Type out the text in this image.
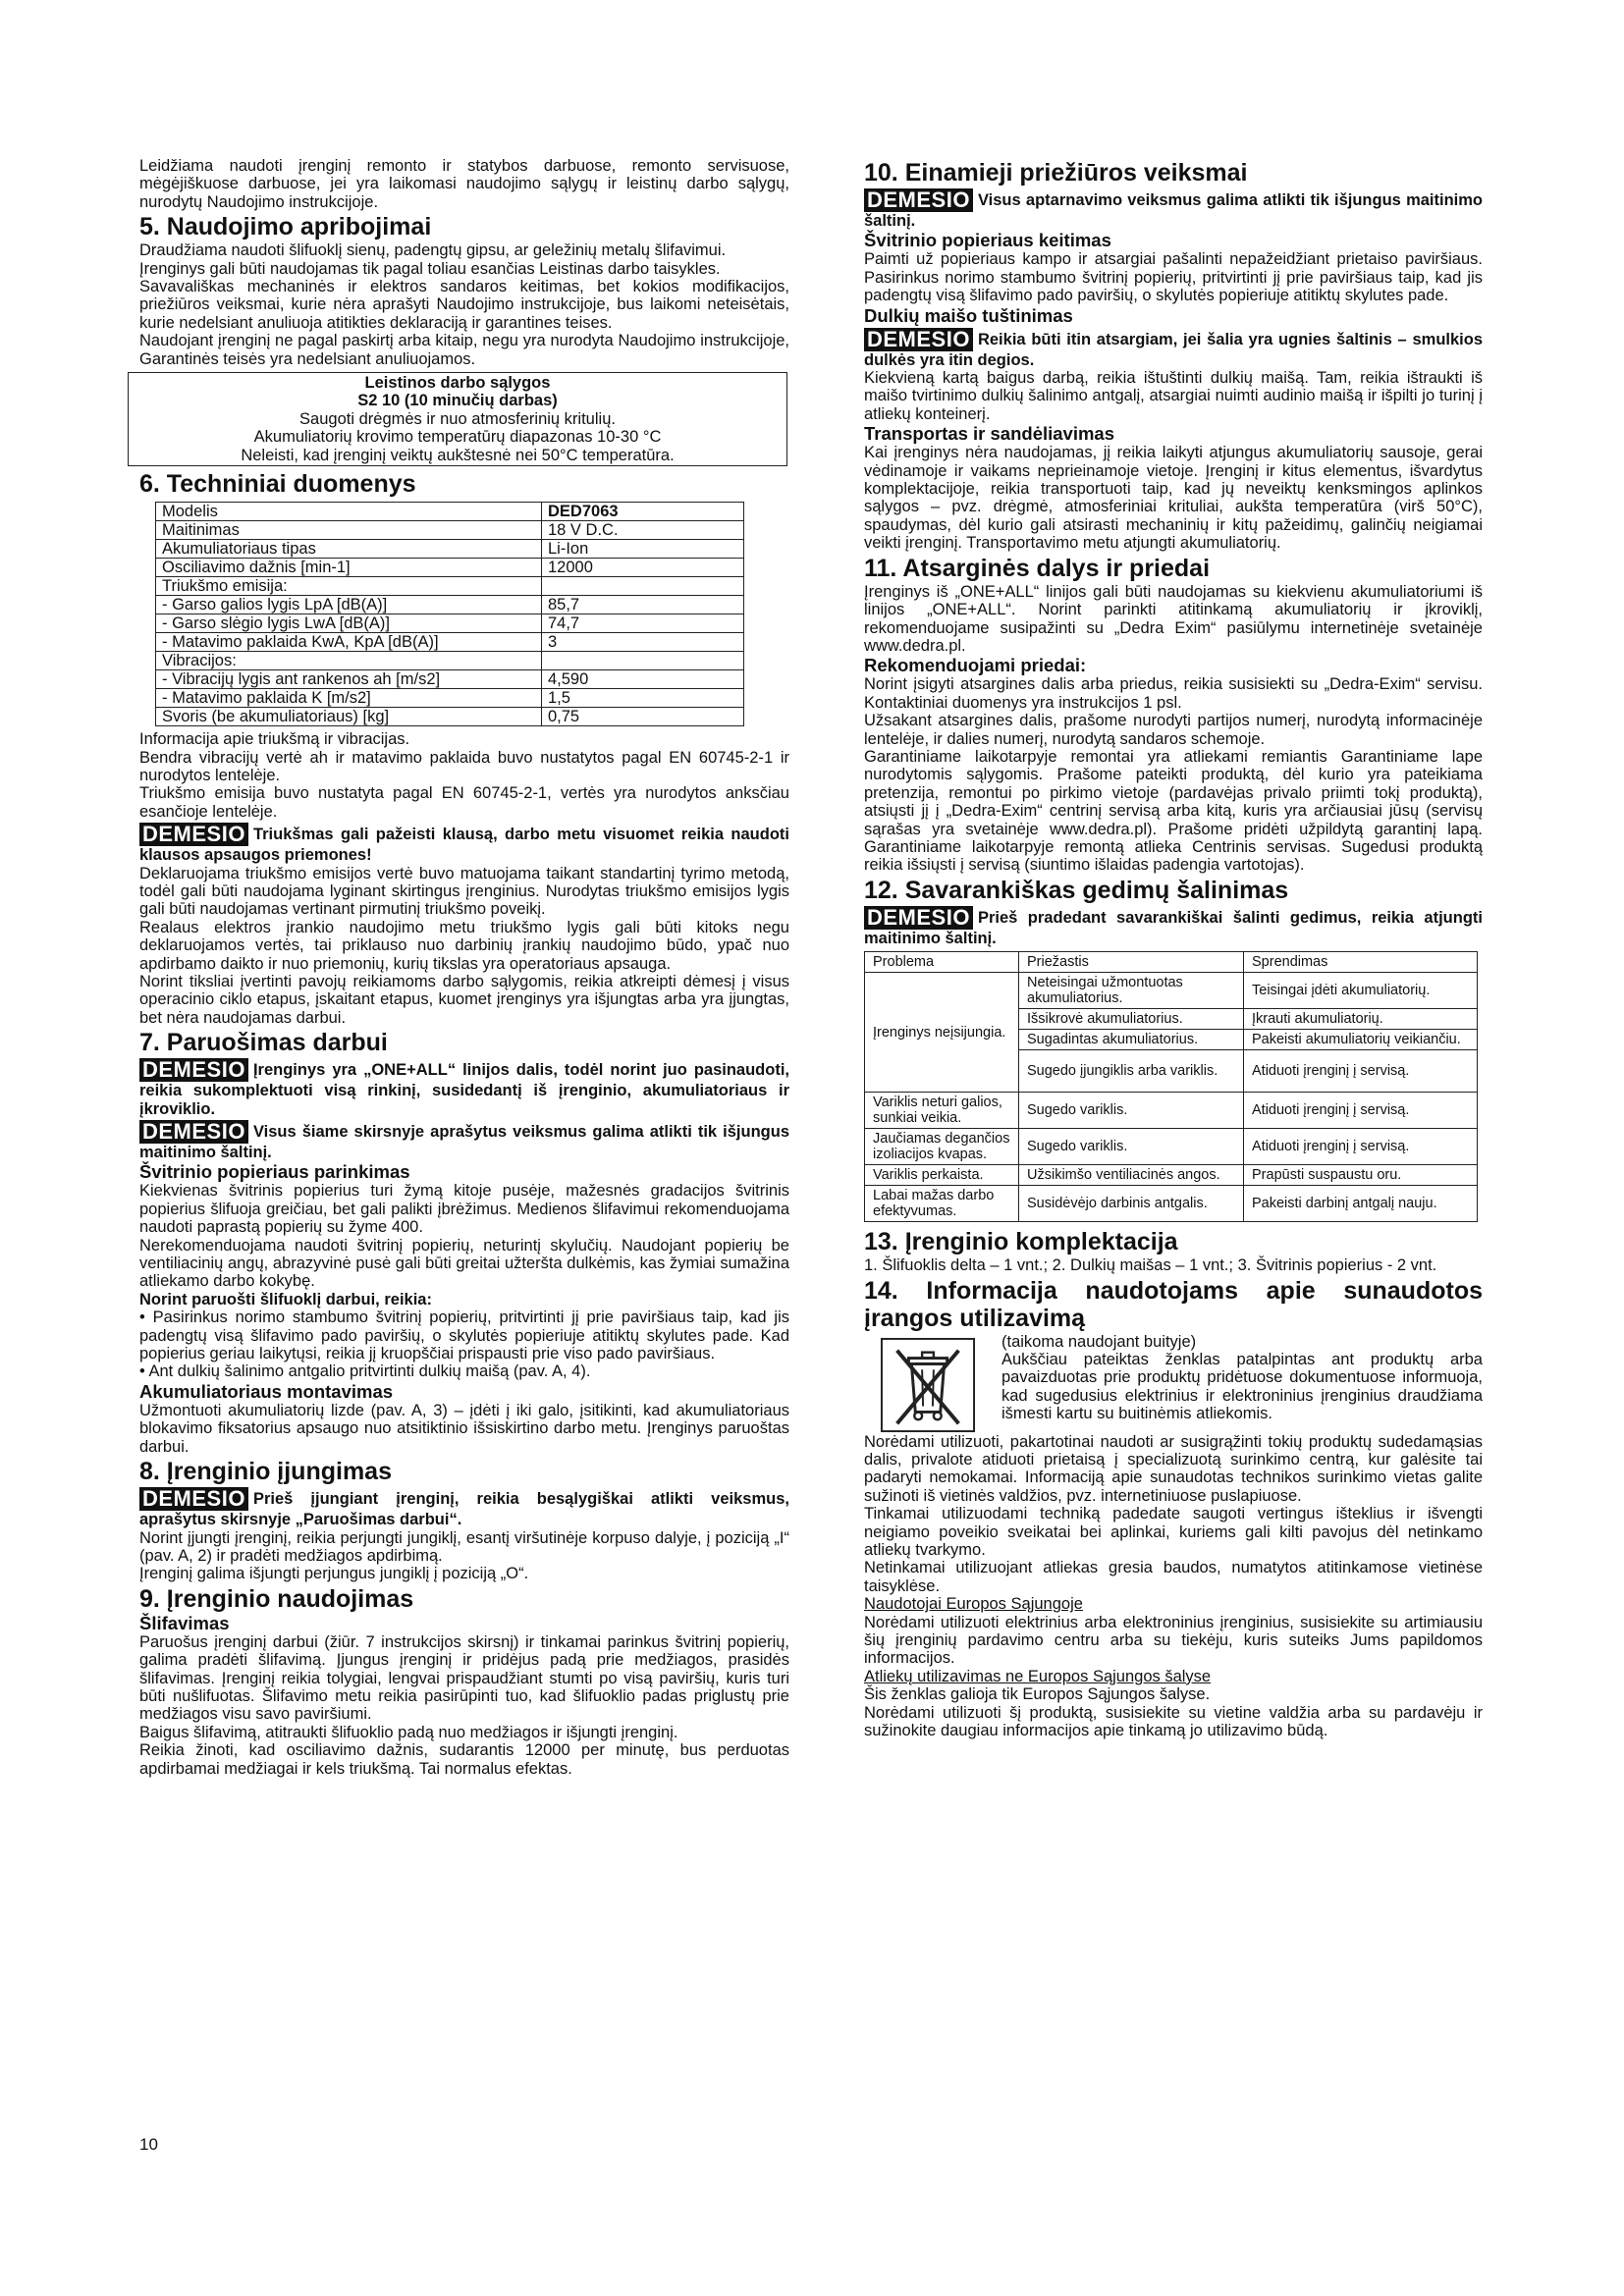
Leidžiama naudoti įrenginį remonto ir statybos darbuose, remonto servisuose, mėgėjiškuose darbuose, jei yra laikomasi naudojimo sąlygų ir leistinų darbo sąlygų, nurodytų Naudojimo instrukcijoje.

5. Naudojimo apribojimai

Draudžiama naudoti šlifuoklį sienų, padengtų gipsu, ar geležinių metalų šlifavimui.

Įrenginys gali būti naudojamas tik pagal toliau esančias Leistinas darbo taisykles.

Savavališkas mechaninės ir elektros sandaros keitimas, bet kokios modifikacijos, priežiūros veiksmai, kurie nėra aprašyti Naudojimo instrukcijoje, bus laikomi neteisėtais, kurie nedelsiant anuliuoja atitikties deklaraciją ir garantines teises.

Naudojant įrenginį ne pagal paskirtį arba kitaip, negu yra nurodyta Naudojimo instrukcijoje, Garantinės teisės yra nedelsiant anuliuojamos.

Leistinos darbo sąlygos

S2 10 (10 minučių darbas)

Saugoti drėgmės ir nuo atmosferinių kritulių.

Akumuliatorių krovimo temperatūrų diapazonas 10-30 °C

Neleisti, kad įrenginį veiktų aukštesnė nei 50°C temperatūra.

6. Techniniai duomenys
Modelis	DED7063
Maitinimas	18 V D.C.
Akumuliatoriaus tipas	Li-Ion
Osciliavimo dažnis [min-1]	12000
Triukšmo emisija:	
- Garso galios lygis LpA [dB(A)]	85,7
- Garso slėgio lygis LwA [dB(A)]	74,7
- Matavimo paklaida KwA, KpA [dB(A)]	3
Vibracijos:	
- Vibracijų lygis ant rankenos ah [m/s2]	4,590
- Matavimo paklaida K [m/s2]	1,5
Svoris (be akumuliatoriaus) [kg]	0,75

Informacija apie triukšmą ir vibracijas.

Bendra vibracijų vertė ah ir matavimo paklaida buvo nustatytos pagal EN 60745-2-1 ir nurodytos lentelėje.

Triukšmo emisija buvo nustatyta pagal EN 60745-2-1, vertės yra nurodytos anksčiau esančioje lentelėje.

DEMESIO Triukšmas gali pažeisti klausą, darbo metu visuomet reikia naudoti klausos apsaugos priemones!

Deklaruojama triukšmo emisijos vertė buvo matuojama taikant standartinį tyrimo metodą, todėl gali būti naudojama lyginant skirtingus įrenginius. Nurodytas triukšmo emisijos lygis gali būti naudojamas vertinant pirmutinį triukšmo poveikį.

Realaus elektros įrankio naudojimo metu triukšmo lygis gali būti kitoks negu deklaruojamos vertės, tai priklauso nuo darbinių įrankių naudojimo būdo, ypač nuo apdirbamo daikto ir nuo priemonių, kurių tikslas yra operatoriaus apsauga.

Norint tiksliai įvertinti pavojų reikiamoms darbo sąlygomis, reikia atkreipti dėmesį į visus operacinio ciklo etapus, įskaitant etapus, kuomet įrenginys yra išjungtas arba yra įjungtas, bet nėra naudojamas darbui.

7. Paruošimas darbui

DEMESIO Įrenginys yra „ONE+ALL“ linijos dalis, todėl norint juo pasinaudoti, reikia sukomplektuoti visą rinkinį, susidedantį iš įrenginio, akumuliatoriaus ir įkroviklio.

DEMESIO Visus šiame skirsnyje aprašytus veiksmus galima atlikti tik išjungus maitinimo šaltinį.

Švitrinio popieriaus parinkimas

Kiekvienas švitrinis popierius turi žymą kitoje pusėje, mažesnės gradacijos švitrinis popierius šlifuoja greičiau, bet gali palikti įbrėžimus. Medienos šlifavimui rekomenduojama naudoti paprastą popierių su žyme 400.

Nerekomenduojama naudoti švitrinį popierių, neturintį skylučių. Naudojant popierių be ventiliacinių angų, abrazyvinė pusė gali būti greitai užteršta dulkėmis, kas žymiai sumažina atliekamo darbo kokybę.

Norint paruošti šlifuoklį darbui, reikia:

• Pasirinkus norimo stambumo švitrinį popierių, pritvirtinti jį prie paviršiaus taip, kad jis padengtų visą šlifavimo pado paviršių, o skylutės popieriuje atitiktų skylutes pade. Kad popierius geriau laikytųsi, reikia jį kruopščiai prispausti prie viso pado paviršiaus.

• Ant dulkių šalinimo antgalio pritvirtinti dulkių maišą (pav. A, 4).

Akumuliatoriaus montavimas

Užmontuoti akumuliatorių lizde (pav. A, 3) – įdėti į iki galo, įsitikinti, kad akumuliatoriaus blokavimo fiksatorius apsaugo nuo atsitiktinio išsiskirtino darbo metu. Įrenginys paruoštas darbui.

8. Įrenginio įjungimas

DEMESIO Prieš įjungiant įrenginį, reikia besąlygiškai atlikti veiksmus, aprašytus skirsnyje „Paruošimas darbui“.

Norint įjungti įrenginį, reikia perjungti jungiklį, esantį viršutinėje korpuso dalyje, į poziciją „I“ (pav. A, 2) ir pradėti medžiagos apdirbimą.

Įrenginį galima išjungti perjungus jungiklį į poziciją „O“.

9. Įrenginio naudojimas
Šlifavimas

Paruošus įrenginį darbui (žiūr. 7 instrukcijos skirsnį) ir tinkamai parinkus švitrinį popierių, galima pradėti šlifavimą. Įjungus įrenginį ir pridėjus padą prie medžiagos, prasidės šlifavimas. Įrenginį reikia tolygiai, lengvai prispaudžiant stumti po visą paviršių, kuris turi būti nušlifuotas. Šlifavimo metu reikia pasirūpinti tuo, kad šlifuoklio padas priglustų prie medžiagos visu savo paviršiumi.

Baigus šlifavimą, atitraukti šlifuoklio padą nuo medžiagos ir išjungti įrenginį.

Reikia žinoti, kad osciliavimo dažnis, sudarantis 12000 per minutę, bus perduotas apdirbamai medžiagai ir kels triukšmą. Tai normalus efektas.

10. Einamieji priežiūros veiksmai

DEMESIO Visus aptarnavimo veiksmus galima atlikti tik išjungus maitinimo šaltinį.

Švitrinio popieriaus keitimas

Paimti už popieriaus kampo ir atsargiai pašalinti nepažeidžiant prietaiso paviršiaus. Pasirinkus norimo stambumo švitrinį popierių, pritvirtinti jį prie paviršiaus taip, kad jis padengtų visą šlifavimo pado paviršių, o skylutės popieriuje atitiktų skylutes pade.

Dulkių maišo tuštinimas

DEMESIO Reikia būti itin atsargiam, jei šalia yra ugnies šaltinis – smulkios dulkės yra itin degios.

Kiekvieną kartą baigus darbą, reikia ištuštinti dulkių maišą. Tam, reikia ištraukti iš maišo tvirtinimo dulkių šalinimo antgalį, atsargiai nuimti audinio maišą ir išpilti jo turinį į atliekų konteinerį.

Transportas ir sandėliavimas

Kai įrenginys nėra naudojamas, jį reikia laikyti atjungus akumuliatorių sausoje, gerai vėdinamoje ir vaikams neprieinamoje vietoje. Įrenginį ir kitus elementus, išvardytus komplektacijoje, reikia transportuoti taip, kad jų neveiktų kenksmingos aplinkos sąlygos – pvz. drėgmė, atmosferiniai krituliai, aukšta temperatūra (virš 50°C), spaudymas, dėl kurio gali atsirasti mechaninių ir kitų pažeidimų, galinčių neigiamai veikti įrenginį. Transportavimo metu atjungti akumuliatorių.

11. Atsarginės dalys ir priedai

Įrenginys iš „ONE+ALL“ linijos gali būti naudojamas su kiekvienu akumuliatoriumi iš linijos „ONE+ALL“. Norint parinkti atitinkamą akumuliatorių ir įkroviklį, rekomenduojame susipažinti su „Dedra Exim“ pasiūlymu internetinėje svetainėje www.dedra.pl.

Rekomenduojami priedai:

Norint įsigyti atsargines dalis arba priedus, reikia susisiekti su „Dedra-Exim“ servisu. Kontaktiniai duomenys yra instrukcijos 1 psl.

Užsakant atsargines dalis, prašome nurodyti partijos numerį, nurodytą informacinėje lentelėje, ir dalies numerį, nurodytą sandaros schemoje.

Garantiniame laikotarpyje remontai yra atliekami remiantis Garantiniame lape nurodytomis sąlygomis. Prašome pateikti produktą, dėl kurio yra pateikiama pretenzija, remontui po pirkimo vietoje (pardavėjas privalo priimti tokį produktą), atsiųsti jį į „Dedra-Exim“ centrinį servisą arba kitą, kuris yra arčiausiai jūsų (servisų sąrašas yra svetainėje www.dedra.pl). Prašome pridėti užpildytą garantinį lapą. Garantiniame laikotarpyje remontą atlieka Centrinis servisas. Sugedusi produktą reikia išsiųsti į servisą (siuntimo išlaidas padengia vartotojas).

12. Savarankiškas gedimų šalinimas

DEMESIO Prieš pradedant savarankiškai šalinti gedimus, reikia atjungti maitinimo šaltinį.

Problema	Priežastis	Sprendimas
Įrenginys neįsijungia.	Neteisingai užmontuotas akumuliatorius.	Teisingai įdėti akumuliatorių.
	Išsikrovė akumuliatorius.	Įkrauti akumuliatorių.
	Sugadintas akumuliatorius.	Pakeisti akumuliatorių veikiančiu.
	Sugedo įjungiklis arba variklis.	Atiduoti įrenginį į servisą.
Variklis neturi galios, sunkiai veikia.	Sugedo variklis.	Atiduoti įrenginį į servisą.
Jaučiamas degančios izoliacijos kvapas.	Sugedo variklis.	Atiduoti įrenginį į servisą.
Variklis perkaista.	Užsikimšo ventiliacinės angos.	Prapūsti suspaustu oru.
Labai mažas darbo efektyvumas.	Susidėvėjo darbinis antgalis.	Pakeisti darbinį antgalį nauju.
13. Įrenginio komplektacija

1. Šlifuoklis delta – 1 vnt.; 2. Dulkių maišas – 1 vnt.; 3. Švitrinis popierius - 2 vnt.

14. Informacija naudotojams apie sunaudotos įrangos utilizavimą

(taikoma naudojant buityje)

Aukščiau pateiktas ženklas patalpintas ant produktų arba pavaizduotas prie produktų pridėtuose dokumentuose informuoja, kad sugedusius elektrinius ir elektroninius įrenginius draudžiama išmesti kartu su buitinėmis atliekomis.

Norėdami utilizuoti, pakartotinai naudoti ar susigrąžinti tokių produktų sudedamąsias dalis, privalote atiduoti prietaisą į specializuotą surinkimo centrą, kur galėsite tai padaryti nemokamai. Informaciją apie sunaudotas technikos surinkimo vietas galite sužinoti iš vietinės valdžios, pvz. internetiniuose puslapiuose.

Tinkamai utilizuodami techniką padedate saugoti vertingus išteklius ir išvengti neigiamo poveikio sveikatai bei aplinkai, kuriems gali kilti pavojus dėl netinkamo atliekų tvarkymo.

Netinkamai utilizuojant atliekas gresia baudos, numatytos atitinkamose vietinėse taisyklėse.

Naudotojai Europos Sąjungoje

Norėdami utilizuoti elektrinius arba elektroninius įrenginius, susisiekite su artimiausiu šių įrenginių pardavimo centru arba su tiekėju, kuris suteiks Jums papildomos informacijos.

Atliekų utilizavimas ne Europos Sąjungos šalyse

Šis ženklas galioja tik Europos Sąjungos šalyse.

Norėdami utilizuoti šį produktą, susisiekite su vietine valdžia arba su pardavėju ir sužinokite daugiau informacijos apie tinkamą jo utilizavimo būdą.

10
